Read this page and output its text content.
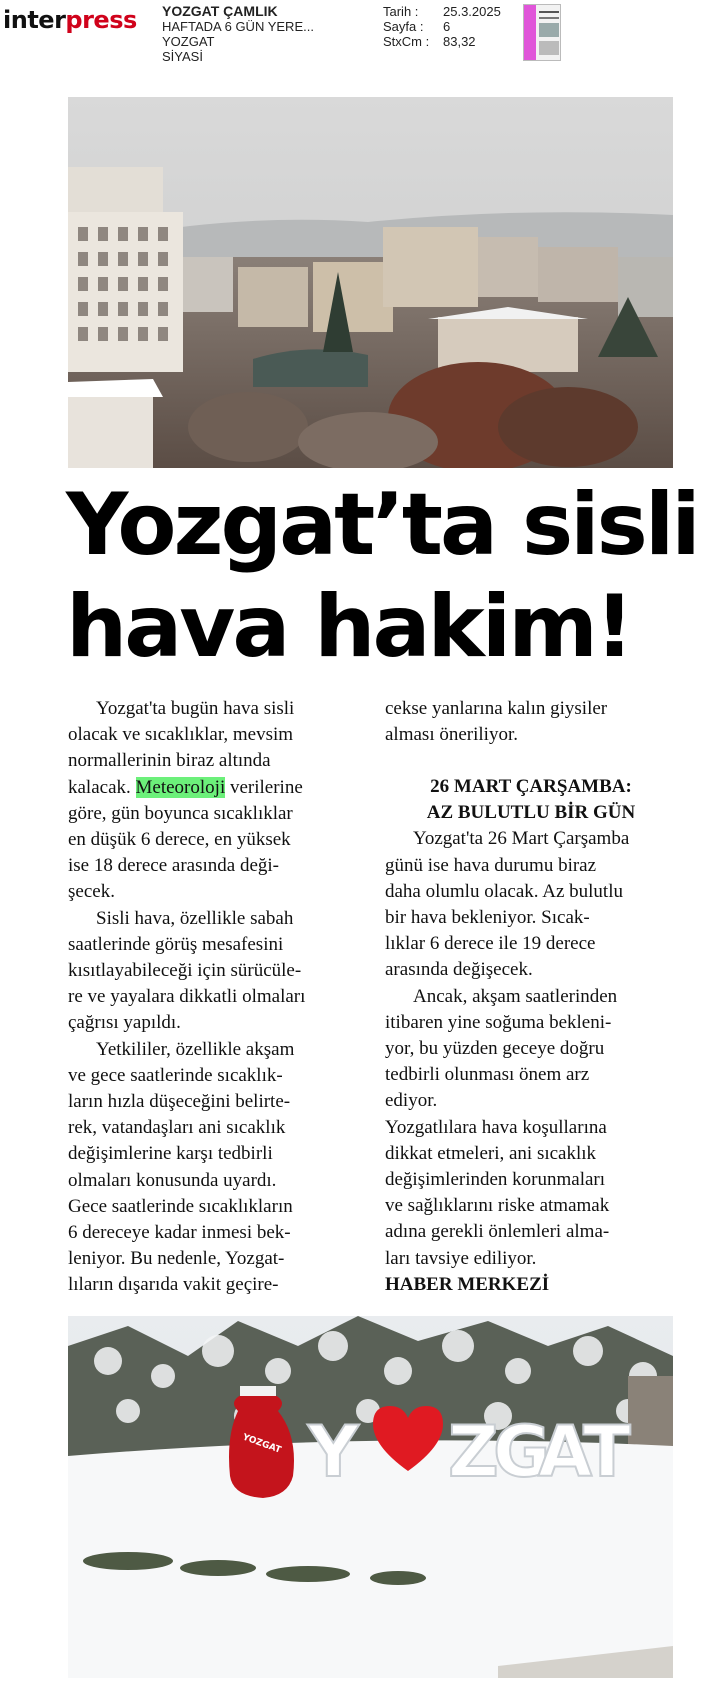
interpress YOZGAT ÇAMLIK
HAFTADA 6 GÜN YERE...
YOZGAT
SİYASİ
Tarih :	25.3.2025
Sayfa :	6
StxCm :	83,32
Yozgat’ta sisli
hava hakim!
Yozgat'ta bugün hava sisli
olacak ve sıcaklıklar, mevsim
normallerinin biraz altında
kalacak. Meteoroloji verilerine
göre, gün boyunca sıcaklıklar
en düşük 6 derece, en yüksek
ise 18 derece arasında deği-
şecek.
Sisli hava, özellikle sabah
saatlerinde görüş mesafesini
kısıtlayabileceği için sürücüle-
re ve yayalara dikkatli olmaları
çağrısı yapıldı.
Yetkililer, özellikle akşam
ve gece saatlerinde sıcaklık-
ların hızla düşeceğini belirte-
rek, vatandaşları ani sıcaklık
değişimlerine karşı tedbirli
olmaları konusunda uyardı.
Gece saatlerinde sıcaklıkların
6 dereceye kadar inmesi bek-
leniyor. Bu nedenle, Yozgat-
lıların dışarıda vakit geçire-
cekse yanlarına kalın giysiler
alması öneriliyor.
26 MART ÇARŞAMBA:
AZ BULUTLU BİR GÜN
Yozgat'ta 26 Mart Çarşamba
günü ise hava durumu biraz
daha olumlu olacak. Az bulutlu
bir hava bekleniyor. Sıcak-
lıklar 6 derece ile 19 derece
arasında değişecek.
Ancak, akşam saatlerinden
itibaren yine soğuma bekleni-
yor, bu yüzden geceye doğru
tedbirli olunması önem arz
ediyor.
Yozgatlılara hava koşullarına
dikkat etmeleri, ani sıcaklık
değişimlerinden korunmaları
ve sağlıklarını riske atmamak
adına gerekli önlemleri alma-
ları tavsiye ediliyor.
HABER MERKEZİ
YOZGAT Y Z
G
A
T
